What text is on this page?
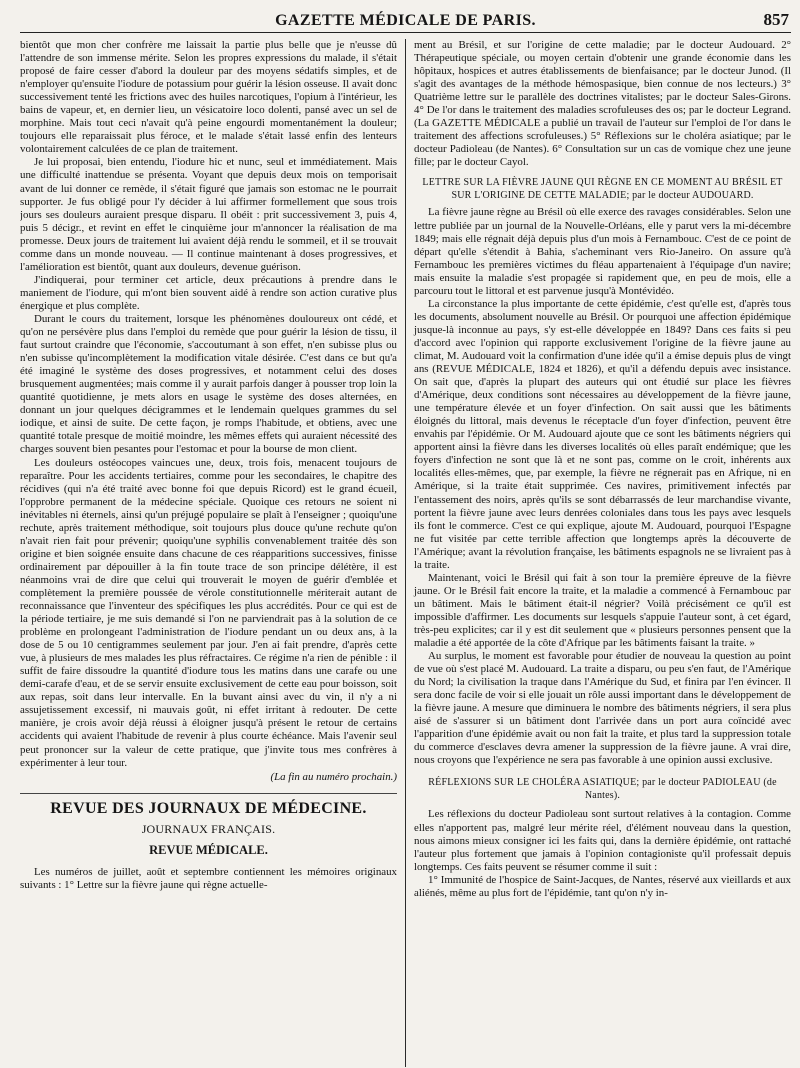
GAZETTE MÉDICALE DE PARIS.	857

bientôt que mon cher confrère me laissait la partie plus belle que je n'eusse dû l'attendre de son immense mérite. Selon les propres expressions du malade, il s'était proposé de faire cesser d'abord la douleur par des moyens sédatifs simples, et de n'employer qu'ensuite l'iodure de potassium pour guérir la lésion osseuse. Il avait donc successivement tenté les frictions avec des huiles narcotiques, l'opium à l'intérieur, les bains de vapeur, et, en dernier lieu, un vésicatoire loco dolenti, pansé avec un sel de morphine. Mais tout ceci n'avait qu'à peine engourdi momentanément la douleur; toujours elle reparaissait plus féroce, et le malade s'était lassé enfin des lenteurs volontairement calculées de ce plan de traitement.

Je lui proposai, bien entendu, l'iodure hic et nunc, seul et immédiatement. Mais une difficulté inattendue se présenta. Voyant que depuis deux mois on temporisait avant de lui donner ce remède, il s'était figuré que jamais son estomac ne le pourrait supporter. Je fus obligé pour l'y décider à lui affirmer formellement que sous trois jours ses douleurs auraient presque disparu. Il obéit : prit successivement 3, puis 4, puis 5 décigr., et revint en effet le cinquième jour m'annoncer la réalisation de ma promesse. Deux jours de traitement lui avaient déjà rendu le sommeil, et il se trouvait comme dans un monde nouveau. — Il continue maintenant à doses progressives, et l'amélioration est bientôt, quant aux douleurs, devenue guérison.

J'indiquerai, pour terminer cet article, deux précautions à prendre dans le maniement de l'iodure, qui m'ont bien souvent aidé à rendre son action curative plus énergique et plus complète.

Durant le cours du traitement, lorsque les phénomènes douloureux ont cédé, et qu'on ne persévère plus dans l'emploi du remède que pour guérir la lésion de tissu, il faut surtout craindre que l'économie, s'accoutumant à son effet, n'en subisse plus ou n'en subisse qu'incomplètement la modification vitale désirée. C'est dans ce but qu'a été imaginé le système des doses progressives, et notamment celui des doses brusquement augmentées; mais comme il y aurait parfois danger à pousser trop loin la quantité quotidienne, je mets alors en usage le système des doses alternées, en donnant un jour quelques décigrammes et le lendemain quelques grammes du sel iodique, et ainsi de suite. De cette façon, je romps l'habitude, et obtiens, avec une quantité totale presque de moitié moindre, les mêmes effets qui auraient nécessité des charges souvent bien pesantes pour l'estomac et pour la bourse de mon client.

Les douleurs ostéocopes vaincues une, deux, trois fois, menacent toujours de reparaître. Pour les accidents tertiaires, comme pour les secondaires, le chapitre des récidives (qui n'a été traité avec bonne foi que depuis Ricord) est le grand écueil, l'opprobre permanent de la médecine spéciale. Quoique ces retours ne soient ni inévitables ni éternels, ainsi qu'un préjugé populaire se plaît à l'enseigner ; quoiqu'une rechute, après traitement méthodique, soit toujours plus douce qu'une rechute qu'on n'avait rien fait pour prévenir; quoiqu'une syphilis convenablement traitée dès son origine et bien soignée ensuite dans chacune de ces réapparitions successives, finisse ordinairement par dépouiller à la fin toute trace de son principe délétère, il est néanmoins vrai de dire que celui qui trouverait le moyen de guérir d'emblée et complètement la première poussée de vérole constitutionnelle mériterait autant de reconnaissance que l'inventeur des spécifiques les plus accrédités. Pour ce qui est de la période tertiaire, je me suis demandé si l'on ne parviendrait pas à la solution de ce problème en prolongeant l'administration de l'iodure pendant un ou deux ans, à la dose de 5 ou 10 centigrammes seulement par jour. J'en ai fait prendre, d'après cette vue, à plusieurs de mes malades les plus réfractaires. Ce régime n'a rien de pénible : il suffit de faire dissoudre la quantité d'iodure tous les matins dans une carafe ou une demi-carafe d'eau, et de se servir ensuite exclusivement de cette eau pour boisson, soit aux repas, soit dans leur intervalle. En la buvant ainsi avec du vin, il n'y a ni assujetissement excessif, ni mauvais goût, ni effet irritant à redouter. De cette manière, je crois avoir déjà réussi à éloigner jusqu'à présent le retour de certains accidents qui avaient l'habitude de revenir à plus courte échéance. Mais l'avenir seul peut prononcer sur la valeur de cette pratique, que j'invite tous mes confrères à expérimenter à leur tour.

(La fin au numéro prochain.)
REVUE DES JOURNAUX DE MÉDECINE.
JOURNAUX FRANÇAIS.
REVUE MÉDICALE.

Les numéros de juillet, août et septembre contiennent les mémoires originaux suivants : 1° Lettre sur la fièvre jaune qui règne actuelle-

ment au Brésil, et sur l'origine de cette maladie; par le docteur Audouard. 2° Thérapeutique spéciale, ou moyen certain d'obtenir une grande économie dans les hôpitaux, hospices et autres établissements de bienfaisance; par le docteur Junod. (Il s'agit des avantages de la méthode hémospasique, bien connue de nos lecteurs.) 3° Quatrième lettre sur le parallèle des doctrines vitalistes; par le docteur Sales-Girons. 4° De l'or dans le traitement des maladies scrofuleuses des os; par le docteur Legrand. (La GAZETTE MÉDICALE a publié un travail de l'auteur sur l'emploi de l'or dans le traitement des affections scrofuleuses.) 5° Réflexions sur le choléra asiatique; par le docteur Padioleau (de Nantes). 6° Consultation sur un cas de vomique chez une jeune fille; par le docteur Cayol.

LETTRE SUR LA FIÈVRE JAUNE QUI RÈGNE EN CE MOMENT AU BRÉSIL ET SUR L'ORIGINE DE CETTE MALADIE; par le docteur AUDOUARD.

La fièvre jaune règne au Brésil où elle exerce des ravages considérables. Selon une lettre publiée par un journal de la Nouvelle-Orléans, elle y parut vers la mi-décembre 1849; mais elle régnait déjà depuis plus d'un mois à Fernambouc. C'est de ce point de départ qu'elle s'étendit à Bahia, s'acheminant vers Rio-Janeiro. On assure qu'à Fernambouc les premières victimes du fléau appartenaient à l'équipage d'un navire; mais ensuite la maladie s'est propagée si rapidement que, en peu de mois, elle a parcouru tout le littoral et est parvenue jusqu'à Montévidéo.

La circonstance la plus importante de cette épidémie, c'est qu'elle est, d'après tous les documents, absolument nouvelle au Brésil. Or pourquoi une affection épidémique jusque-là inconnue au pays, s'y est-elle développée en 1849? Dans ces faits si peu d'accord avec l'opinion qui rapporte exclusivement l'origine de la fièvre jaune au climat, M. Audouard voit la confirmation d'une idée qu'il a émise depuis plus de vingt ans (REVUE MÉDICALE, 1824 et 1826), et qu'il a défendu depuis avec insistance. On sait que, d'après la plupart des auteurs qui ont étudié sur place les fièvres d'Amérique, deux conditions sont nécessaires au développement de la fièvre jaune, une température élevée et un foyer d'infection. On sait aussi que les bâtiments éloignés du littoral, mais devenus le réceptacle d'un foyer d'infection, peuvent être envahis par l'épidémie. Or M. Audouard ajoute que ce sont les bâtiments négriers qui apportent ainsi la fièvre dans les diverses localités où elles paraît endémique; que les foyers d'infection ne sont que là et ne sont pas, comme on le croit, inhérents aux localités elles-mêmes, que, par exemple, la fièvre ne régnerait pas en Afrique, ni en Amérique, si la traite était supprimée. Ces navires, primitivement infectés par l'entassement des noirs, après qu'ils se sont débarrassés de leur marchandise vivante, portent la fièvre jaune avec leurs denrées coloniales dans tous les pays avec lesquels ils font le commerce. C'est ce qui explique, ajoute M. Audouard, pourquoi l'Espagne ne fut visitée par cette terrible affection que longtemps après la découverte de l'Amérique; avant la révolution française, les bâtiments espagnols ne se livraient pas à la traite.

Maintenant, voici le Brésil qui fait à son tour la première épreuve de la fièvre jaune. Or le Brésil fait encore la traite, et la maladie a commencé à Fernambouc par un bâtiment. Mais le bâtiment était-il négrier? Voilà précisément ce qu'il est impossible d'affirmer. Les documents sur lesquels s'appuie l'auteur sont, à cet égard, très-peu explicites; car il y est dit seulement que « plusieurs personnes pensent que la maladie a été apportée de la côte d'Afrique par les bâtiments faisant la traite. »

Au surplus, le moment est favorable pour étudier de nouveau la question au point de vue où s'est placé M. Audouard. La traite a disparu, ou peu s'en faut, de l'Amérique du Nord; la civilisation la traque dans l'Amérique du Sud, et finira par l'en évincer. Il sera donc facile de voir si elle jouait un rôle aussi important dans le développement de la fièvre jaune. A mesure que diminuera le nombre des bâtiments négriers, il sera plus aisé de s'assurer si un bâtiment dont l'arrivée dans un port aura coïncidé avec l'apparition d'une épidémie avait ou non fait la traite, et plus tard la suppression totale du commerce d'esclaves devra amener la suppression de la fièvre jaune. A vrai dire, nous croyons que l'expérience ne sera pas favorable à une opinion aussi exclusive.

RÉFLEXIONS SUR LE CHOLÉRA ASIATIQUE; par le docteur PADIOLEAU (de Nantes).

Les réflexions du docteur Padioleau sont surtout relatives à la contagion. Comme elles n'apportent pas, malgré leur mérite réel, d'élément nouveau dans la question, nous aimons mieux consigner ici les faits qui, dans la dernière épidémie, ont rattaché l'auteur plus fortement que jamais à l'opinion contagioniste qu'il professait depuis longtemps. Ces faits peuvent se résumer comme il suit :

1° Immunité de l'hospice de Saint-Jacques, de Nantes, réservé aux vieillards et aux aliénés, même au plus fort de l'épidémie, tant qu'on n'y in-
